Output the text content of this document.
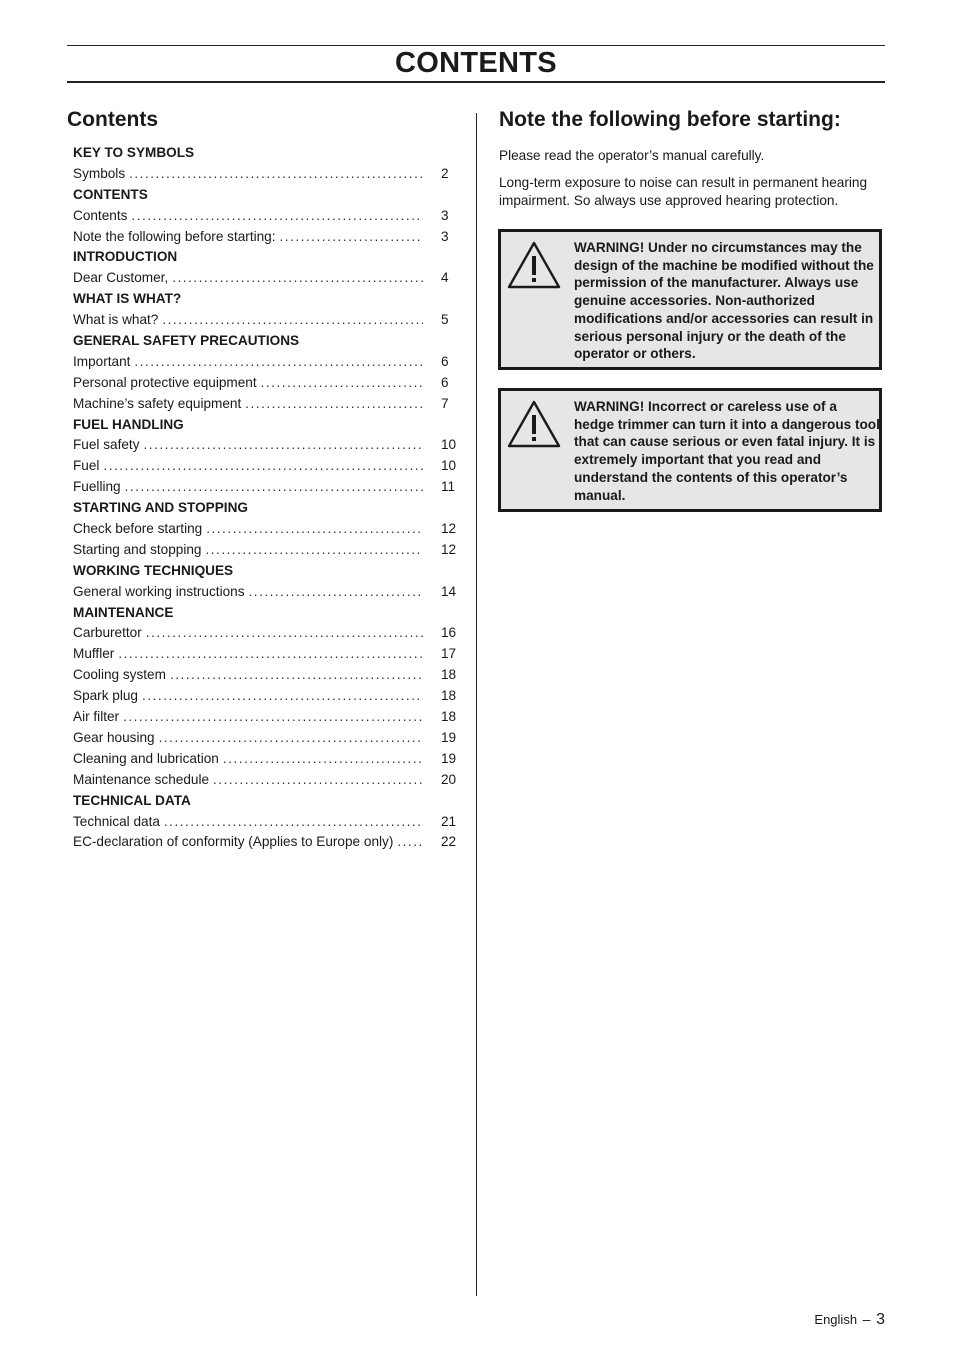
CONTENTS
Contents
KEY TO SYMBOLS
Symbols .....	2
CONTENTS
Contents .....	3
Note the following before starting: .....	3
INTRODUCTION
Dear Customer, .....	4
WHAT IS WHAT?
What is what? .....	5
GENERAL SAFETY PRECAUTIONS
Important .....	6
Personal protective equipment .....	6
Machine’s safety equipment .....	7
FUEL HANDLING
Fuel safety .....	10
Fuel .....	10
Fuelling .....	11
STARTING AND STOPPING
Check before starting .....	12
Starting and stopping .....	12
WORKING TECHNIQUES
General working instructions .....	14
MAINTENANCE
Carburettor .....	16
Muffler .....	17
Cooling system .....	18
Spark plug .....	18
Air filter .....	18
Gear housing .....	19
Cleaning and lubrication .....	19
Maintenance schedule .....	20
TECHNICAL DATA
Technical data .....	21
EC-declaration of conformity (Applies to Europe only) .....	22
Note the following before starting:

Please read the operator’s manual carefully.

Long-term exposure to noise can result in permanent hearing impairment. So always use approved hearing protection.

WARNING! Under no circumstances may the design of the machine be modified without the permission of the manufacturer. Always use genuine accessories. Non-authorized modifications and/or accessories can result in serious personal injury or the death of the operator or others.

WARNING! Incorrect or careless use of a hedge trimmer can turn it into a dangerous tool that can cause serious or even fatal injury. It is extremely important that you read and understand the contents of this operator’s manual.

English – 3
